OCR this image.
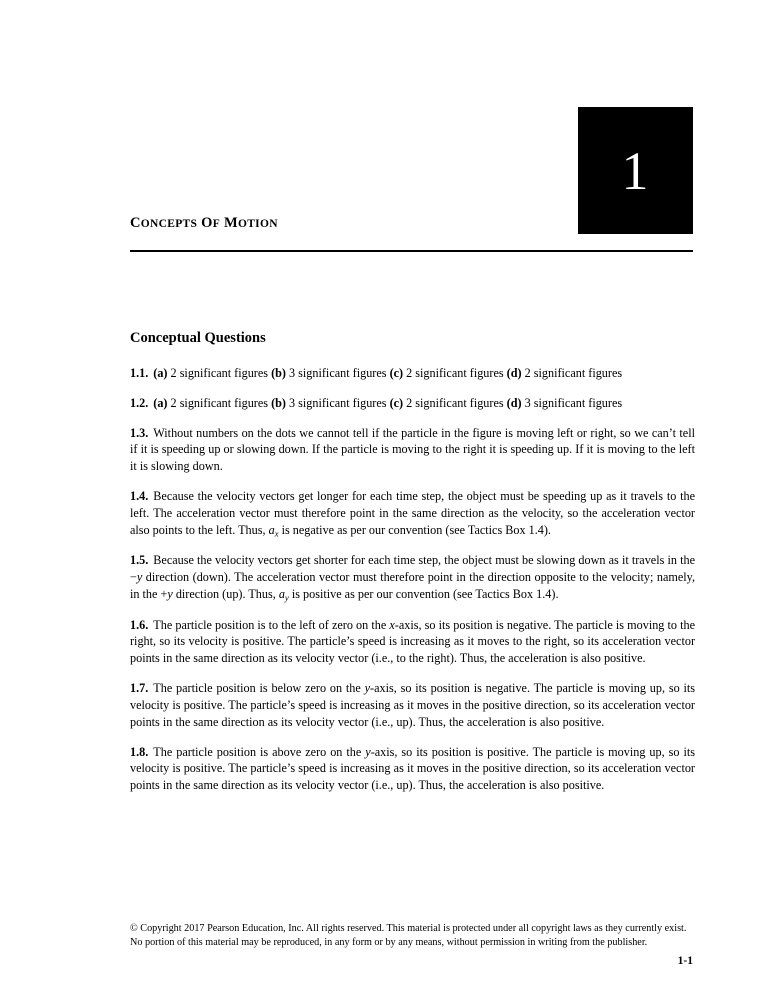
1
CONCEPTS OF MOTION
Conceptual Questions

1.1. (a) 2 significant figures (b) 3 significant figures (c) 2 significant figures (d) 2 significant figures

1.2. (a) 2 significant figures (b) 3 significant figures (c) 2 significant figures (d) 3 significant figures

1.3. Without numbers on the dots we cannot tell if the particle in the figure is moving left or right, so we can’t tell if it is speeding up or slowing down. If the particle is moving to the right it is speeding up. If it is moving to the left it is slowing down.

1.4. Because the velocity vectors get longer for each time step, the object must be speeding up as it travels to the left. The acceleration vector must therefore point in the same direction as the velocity, so the acceleration vector also points to the left. Thus, $a_x$ is negative as per our convention (see Tactics Box 1.4).

1.5. Because the velocity vectors get shorter for each time step, the object must be slowing down as it travels in the −y direction (down). The acceleration vector must therefore point in the direction opposite to the velocity; namely, in the +y direction (up). Thus, $a_y$ is positive as per our convention (see Tactics Box 1.4).

1.6. The particle position is to the left of zero on the x-axis, so its position is negative. The particle is moving to the right, so its velocity is positive. The particle’s speed is increasing as it moves to the right, so its acceleration vector points in the same direction as its velocity vector (i.e., to the right). Thus, the acceleration is also positive.

1.7. The particle position is below zero on the y-axis, so its position is negative. The particle is moving up, so its velocity is positive. The particle’s speed is increasing as it moves in the positive direction, so its acceleration vector points in the same direction as its velocity vector (i.e., up). Thus, the acceleration is also positive.

1.8. The particle position is above zero on the y-axis, so its position is positive. The particle is moving up, so its velocity is positive. The particle’s speed is increasing as it moves in the positive direction, so its acceleration vector points in the same direction as its velocity vector (i.e., up). Thus, the acceleration is also positive.

© Copyright 2017 Pearson Education, Inc. All rights reserved. This material is protected under all copyright laws as they currently exist.
No portion of this material may be reproduced, in any form or by any means, without permission in writing from the publisher.
1-1
